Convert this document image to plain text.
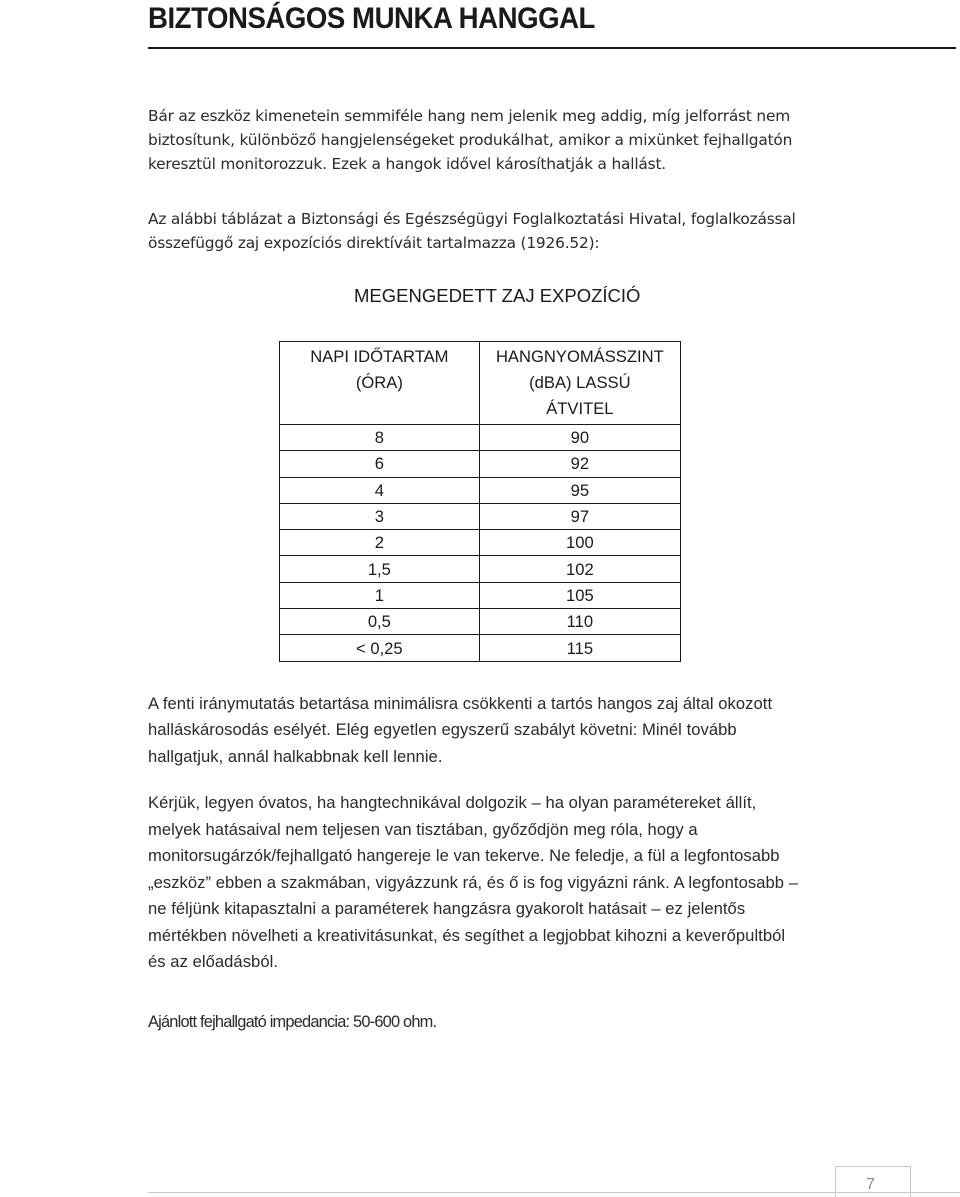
BIZTONSÁGOS MUNKA HANGGAL
Bár az eszköz kimenetein semmiféle hang nem jelenik meg addig, míg jelforrást nem
biztosítunk, különböző hangjelenségeket produkálhat, amikor a mixünket fejhallgatón
keresztül monitorozzuk. Ezek a hangok idővel károsíthatják a hallást.
Az alábbi táblázat a Biztonsági és Egészségügyi Foglalkoztatási Hivatal, foglalkozással
összefüggő zaj expozíciós direktíváit tartalmazza (1926.52):
MEGENGEDETT ZAJ EXPOZÍCIÓ
NAPI IDŐTARTAM
(ÓRA)	HANGNYOMÁSSZINT
(dBA) LASSÚ
ÁTVITEL

8	90
6	92
4	95
3	97
2	100
1,5	102
1	105
0,5	110
< 0,25	115
A fenti iránymutatás betartása minimálisra csökkenti a tartós hangos zaj által okozott
halláskárosodás esélyét. Elég egyetlen egyszerű szabályt követni: Minél tovább
hallgatjuk, annál halkabbnak kell lennie.
Kérjük, legyen óvatos, ha hangtechnikával dolgozik – ha olyan paramétereket állít,
melyek hatásaival nem teljesen van tisztában, győződjön meg róla, hogy a
monitorsugárzók/fejhallgató hangereje le van tekerve. Ne feledje, a fül a legfontosabb
„eszköz” ebben a szakmában, vigyázzunk rá, és ő is fog vigyázni ránk. A legfontosabb –
ne féljünk kitapasztalni a paraméterek hangzásra gyakorolt hatásait – ez jelentős
mértékben növelheti a kreativitásunkat, és segíthet a legjobbat kihozni a keverőpultból
és az előadásból.
Ajánlott fejhallgató impedancia: 50-600 ohm.
7
